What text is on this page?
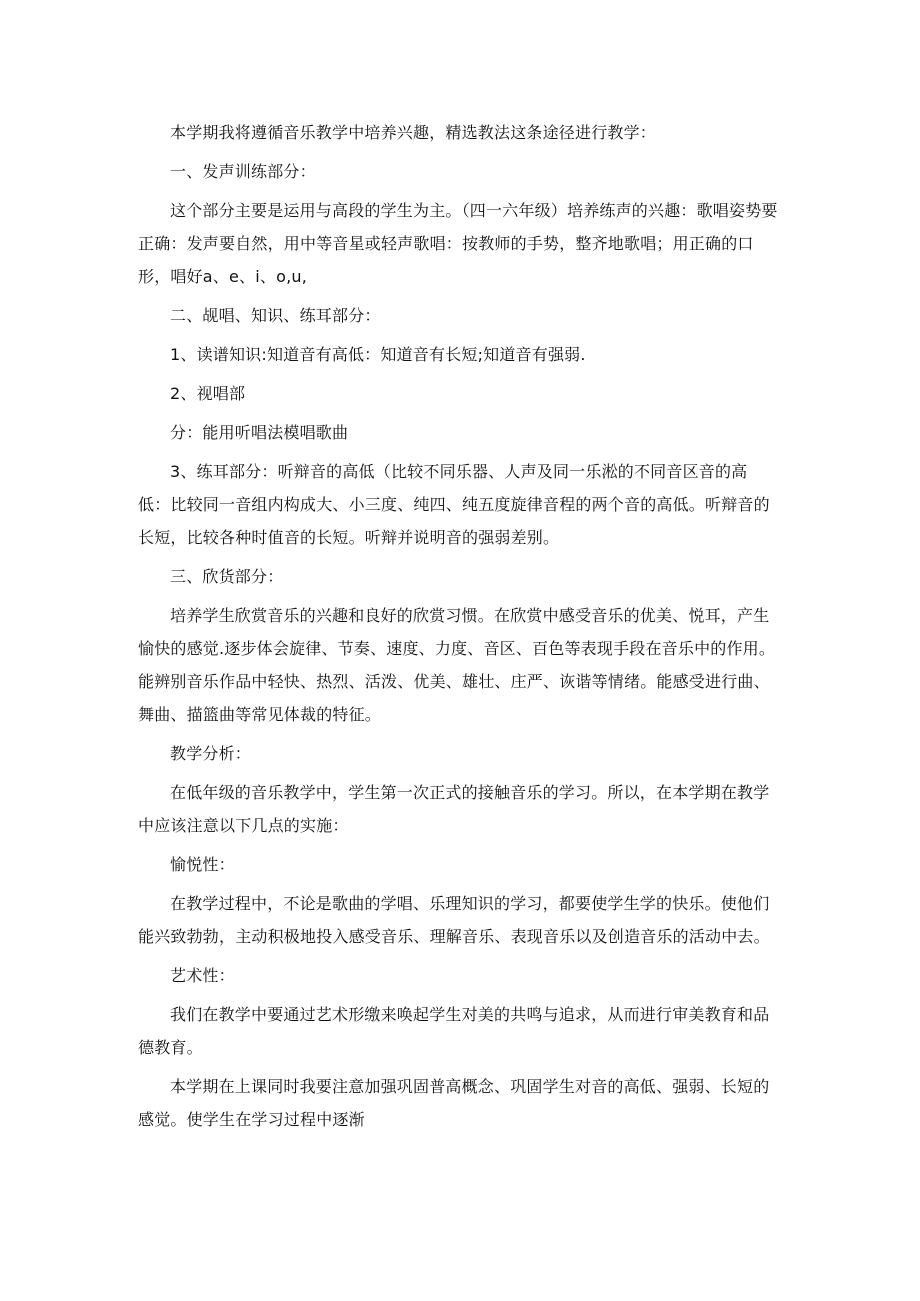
本学期我将遵循音乐教学中培养兴趣，精选教法这条途径进行教学：

一、发声训练部分：

这个部分主要是运用与高段的学生为主。（四一六年级）培养练声的兴趣：歌唱姿势要正确：发声要自然，用中等音星或轻声歌唱：按教师的手势，整齐地歌唱；用正确的口形，唱好a、e、i、o,u,

二、觇唱、知识、练耳部分：

1、读谱知识:知道音有高低：知道音有长短;知道音有强弱.

2、视唱部

分：能用听唱法模唱歌曲

3、练耳部分：听辩音的高低（比较不同乐器、人声及同一乐淞的不同音区音的高低：比较同一音组内构成大、小三度、纯四、纯五度旋律音程的两个音的高低。听辩音的长短，比较各种时值音的长短。听辩并说明音的强弱差别。

三、欣货部分：

培养学生欣赏音乐的兴趣和良好的欣赏习惯。在欣赏中感受音乐的优美、悦耳，产生愉快的感觉.逐步体会旋律、节奏、速度、力度、音区、百色等表现手段在音乐中的作用。能辨别音乐作品中轻快、热烈、活泼、优美、雄壮、庄严、诙谐等情绪。能感受进行曲、舞曲、描篮曲等常见体裁的特征。

教学分析：

在低年级的音乐教学中，学生第一次正式的接触音乐的学习。所以，在本学期在教学中应该注意以下几点的实施：

愉悦性：

在教学过程中，不论是歌曲的学唱、乐理知识的学习，都要使学生学的快乐。使他们能兴致勃勃，主动积极地投入感受音乐、理解音乐、表现音乐以及创造音乐的活动中去。

艺术性：

我们在教学中要通过艺术形缴来唤起学生对美的共鸣与追求，从而进行审美教育和品德教育。

本学期在上课同时我要注意加强巩固普高概念、巩固学生对音的高低、强弱、长短的感觉。使学生在学习过程中逐渐
